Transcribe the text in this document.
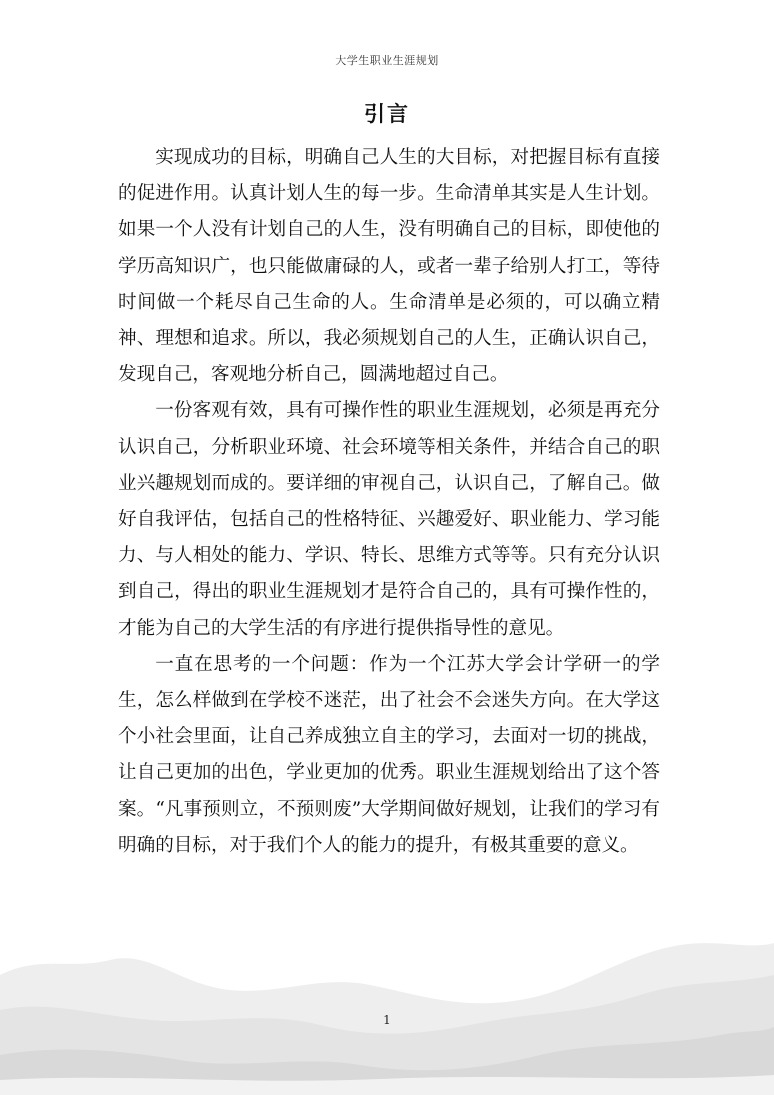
大学生职业生涯规划
引言

实现成功的目标，明确自己人生的大目标，对把握目标有直接的促进作用。认真计划人生的每一步。生命清单其实是人生计划。如果一个人没有计划自己的人生，没有明确自己的目标，即使他的学历高知识广，也只能做庸碌的人，或者一辈子给别人打工，等待时间做一个耗尽自己生命的人。生命清单是必须的，可以确立精神、理想和追求。所以，我必须规划自己的人生，正确认识自己，发现自己，客观地分析自己，圆满地超过自己。

一份客观有效，具有可操作性的职业生涯规划，必须是再充分认识自己，分析职业环境、社会环境等相关条件，并结合自己的职业兴趣规划而成的。要详细的审视自己，认识自己，了解自己。做好自我评估，包括自己的性格特征、兴趣爱好、职业能力、学习能力、与人相处的能力、学识、特长、思维方式等等。只有充分认识到自己，得出的职业生涯规划才是符合自己的，具有可操作性的，才能为自己的大学生活的有序进行提供指导性的意见。

一直在思考的一个问题：作为一个江苏大学会计学研一的学生，怎么样做到在学校不迷茫，出了社会不会迷失方向。在大学这个小社会里面，让自己养成独立自主的学习，去面对一切的挑战，让自己更加的出色，学业更加的优秀。职业生涯规划给出了这个答案。“凡事预则立，不预则废”大学期间做好规划，让我们的学习有明确的目标，对于我们个人的能力的提升，有极其重要的意义。

1
